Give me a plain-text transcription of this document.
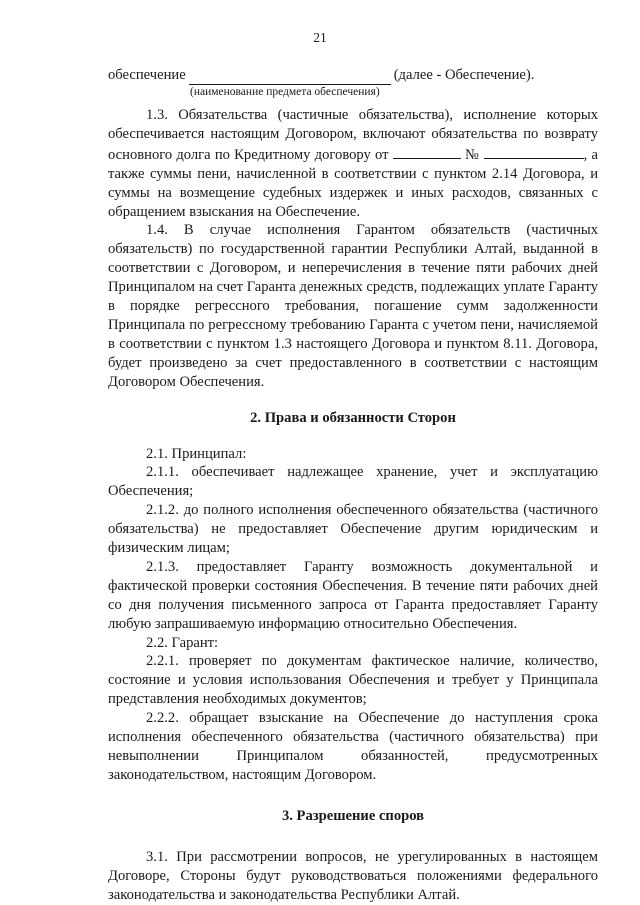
21
обеспечение	(далее - Обеспечение).
(наименование предмета обеспечения)
1.3. Обязательства (частичные обязательства), исполнение которых обеспечивается настоящим Договором, включают обязательства по возврату основного долга по Кредитному договору от	№	, а также суммы пени, начисленной в соответствии с пунктом 2.14 Договора, и суммы на возмещение судебных издержек и иных расходов, связанных с обращением взыскания на Обеспечение.
1.4. В случае исполнения Гарантом обязательств (частичных обязательств) по государственной гарантии Республики Алтай, выданной в соответствии с Договором, и неперечисления в течение пяти рабочих дней Принципалом на счет Гаранта денежных средств, подлежащих уплате Гаранту в порядке регрессного требования, погашение сумм задолженности Принципала по регрессному требованию Гаранта с учетом пени, начисляемой в соответствии с пунктом 1.3 настоящего Договора и пунктом 8.11. Договора, будет произведено за счет предоставленного в соответствии с настоящим Договором Обеспечения.
2. Права и обязанности Сторон
2.1. Принципал:
2.1.1. обеспечивает надлежащее хранение, учет и эксплуатацию Обеспечения;
2.1.2. до полного исполнения обеспеченного обязательства (частичного обязательства) не предоставляет Обеспечение другим юридическим и физическим лицам;
2.1.3. предоставляет Гаранту возможность документальной и фактической проверки состояния Обеспечения. В течение пяти рабочих дней со дня получения письменного запроса от Гаранта предоставляет Гаранту любую запрашиваемую информацию относительно Обеспечения.
2.2. Гарант:
2.2.1. проверяет по документам фактическое наличие, количество, состояние и условия использования Обеспечения и требует у Принципала представления необходимых документов;
2.2.2. обращает взыскание на Обеспечение до наступления срока исполнения обеспеченного обязательства (частичного обязательства) при невыполнении Принципалом обязанностей, предусмотренных законодательством, настоящим Договором.
3. Разрешение споров
3.1. При рассмотрении вопросов, не урегулированных в настоящем Договоре, Стороны будут руководствоваться положениями федерального законодательства и законодательства Республики Алтай.
